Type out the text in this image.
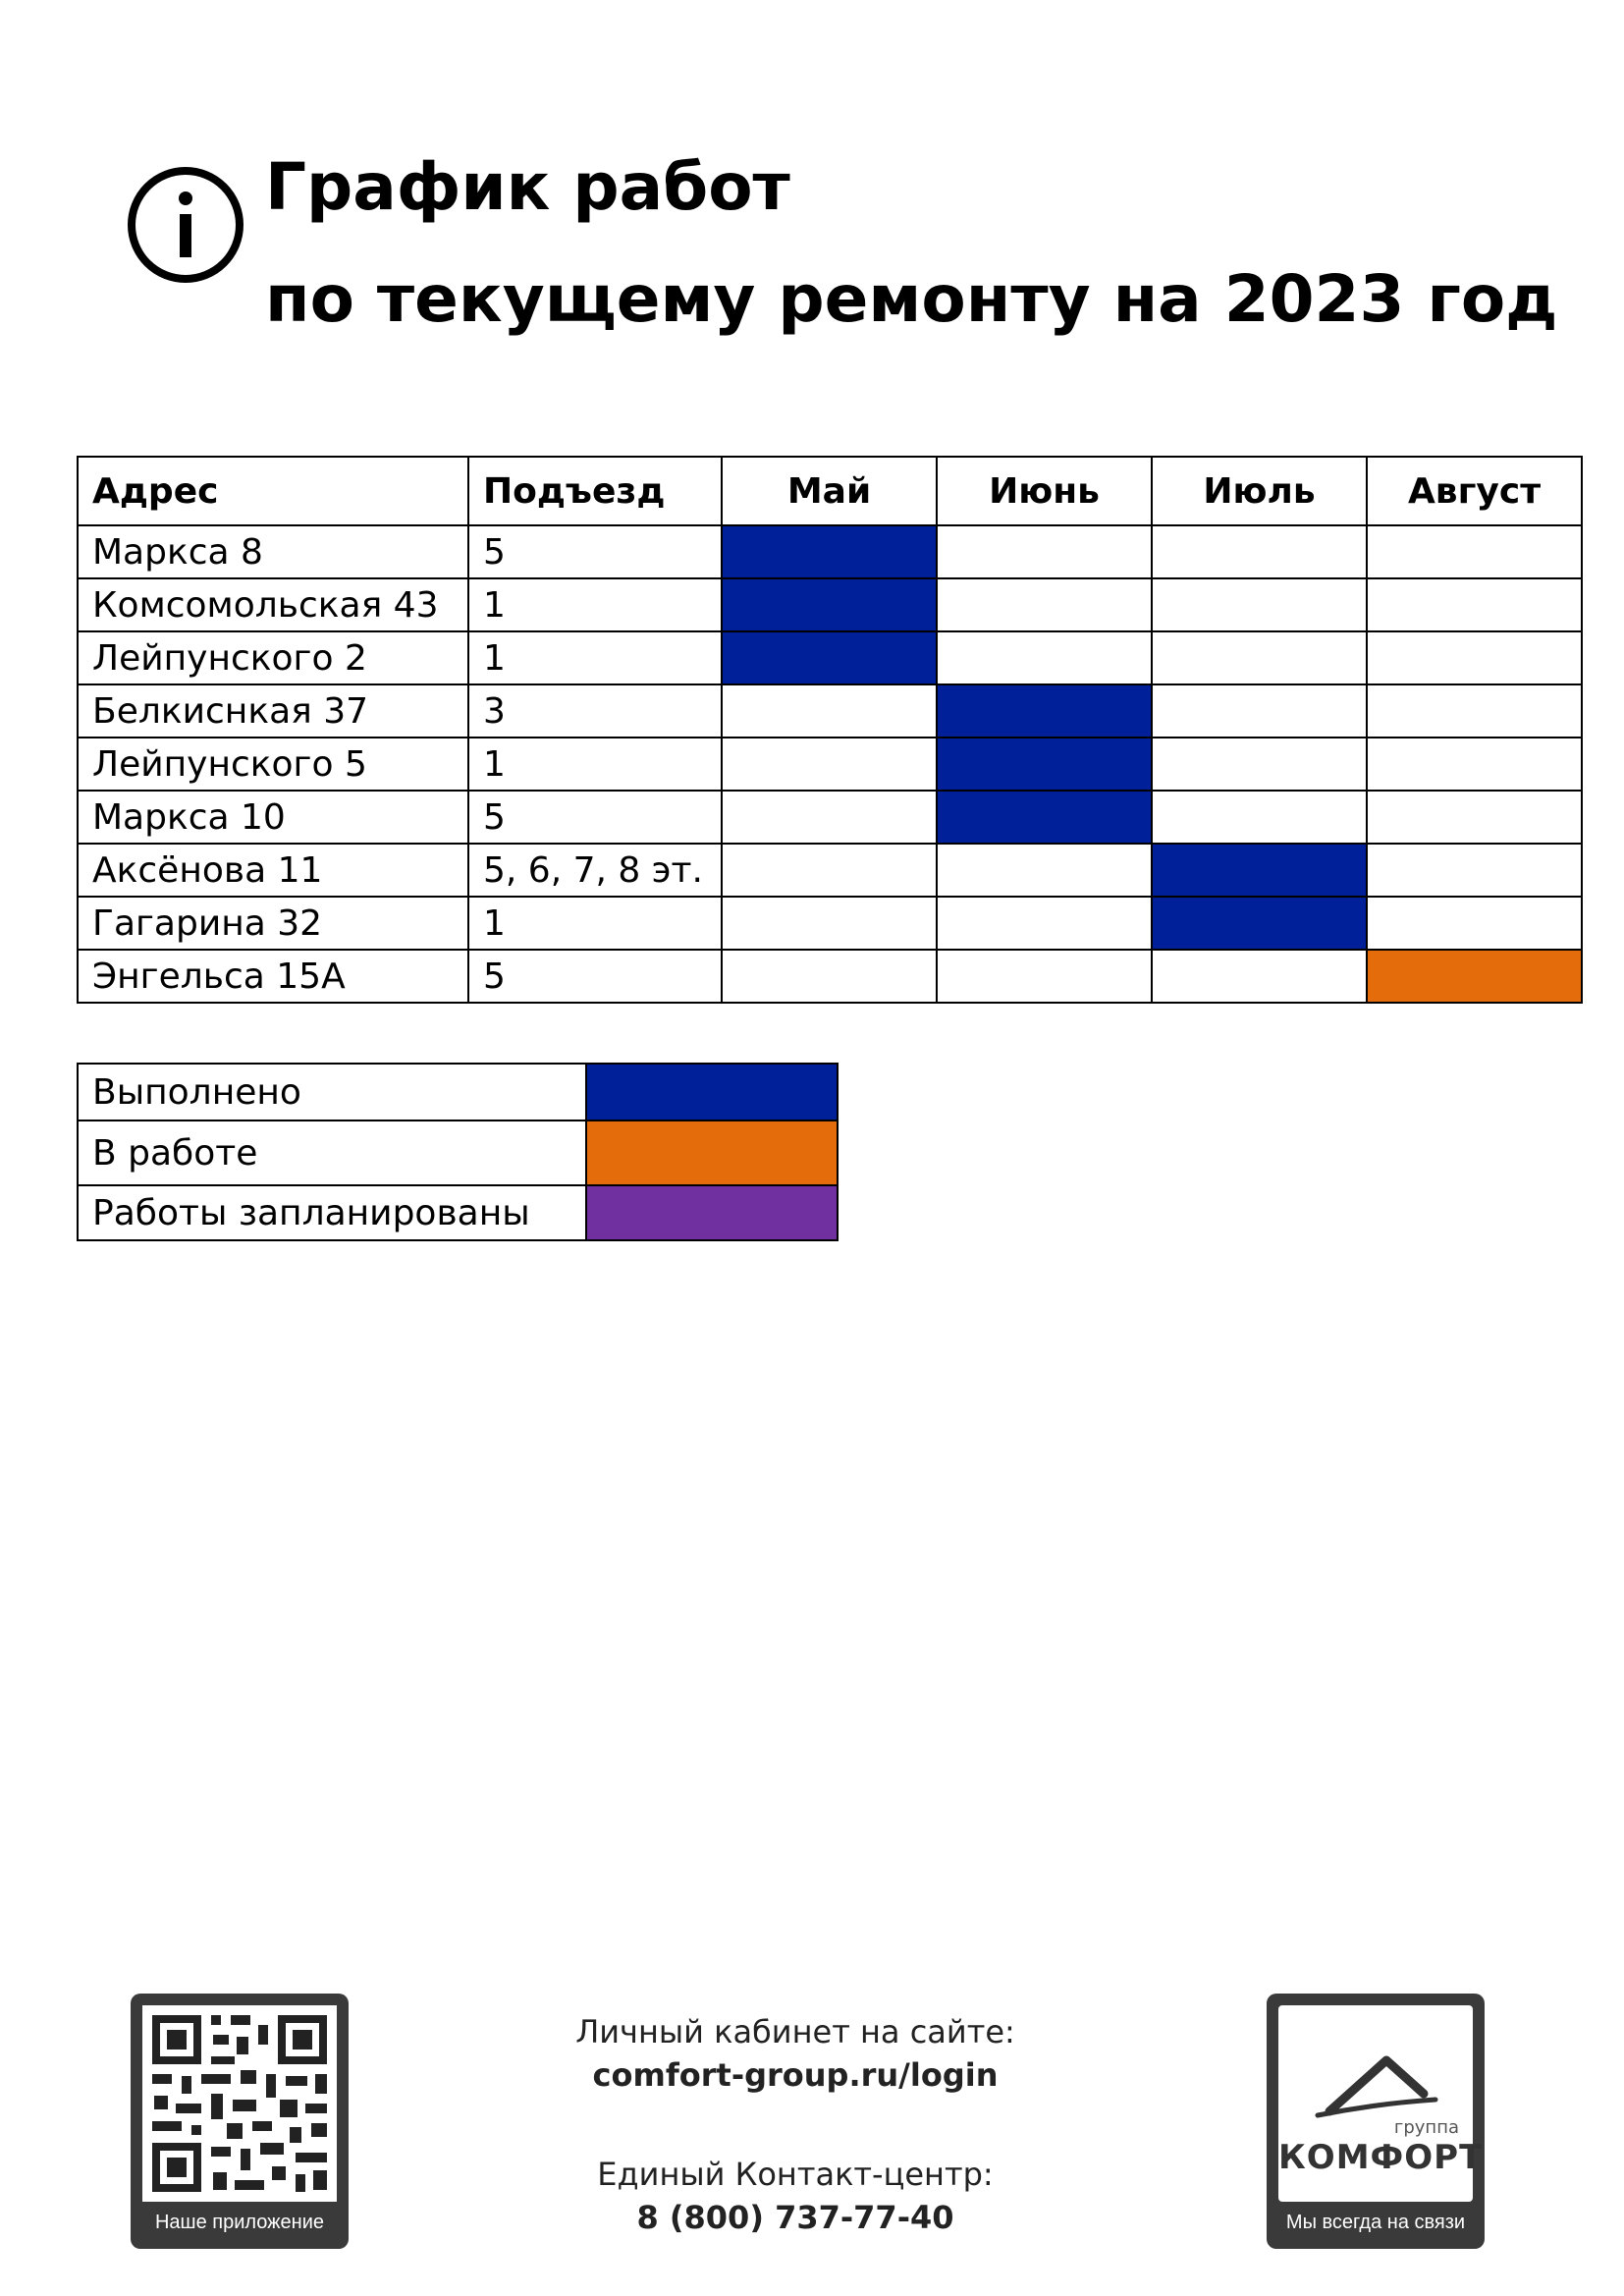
График работ
по текущему ремонту на 2023 год
Адрес	Подъезд	Май	Июнь	Июль	Август
Маркса 8	5				
Комсомольская 43	1				
Лейпунского 2	1				
Белкиснкая 37	3				
Лейпунского 5	1				
Маркса 10	5				
Аксёнова 11	5, 6, 7, 8 эт.				
Гагарина 32	1				
Энгельса 15А	5				
Выполнено	
В работе	
Работы запланированы	
Наше приложение
Личный кабинет на сайте:
comfort-group.ru/login
Единый Контакт-центр:
8 (800) 737-77-40
группа
КОМФОРТ
Мы всегда на связи
